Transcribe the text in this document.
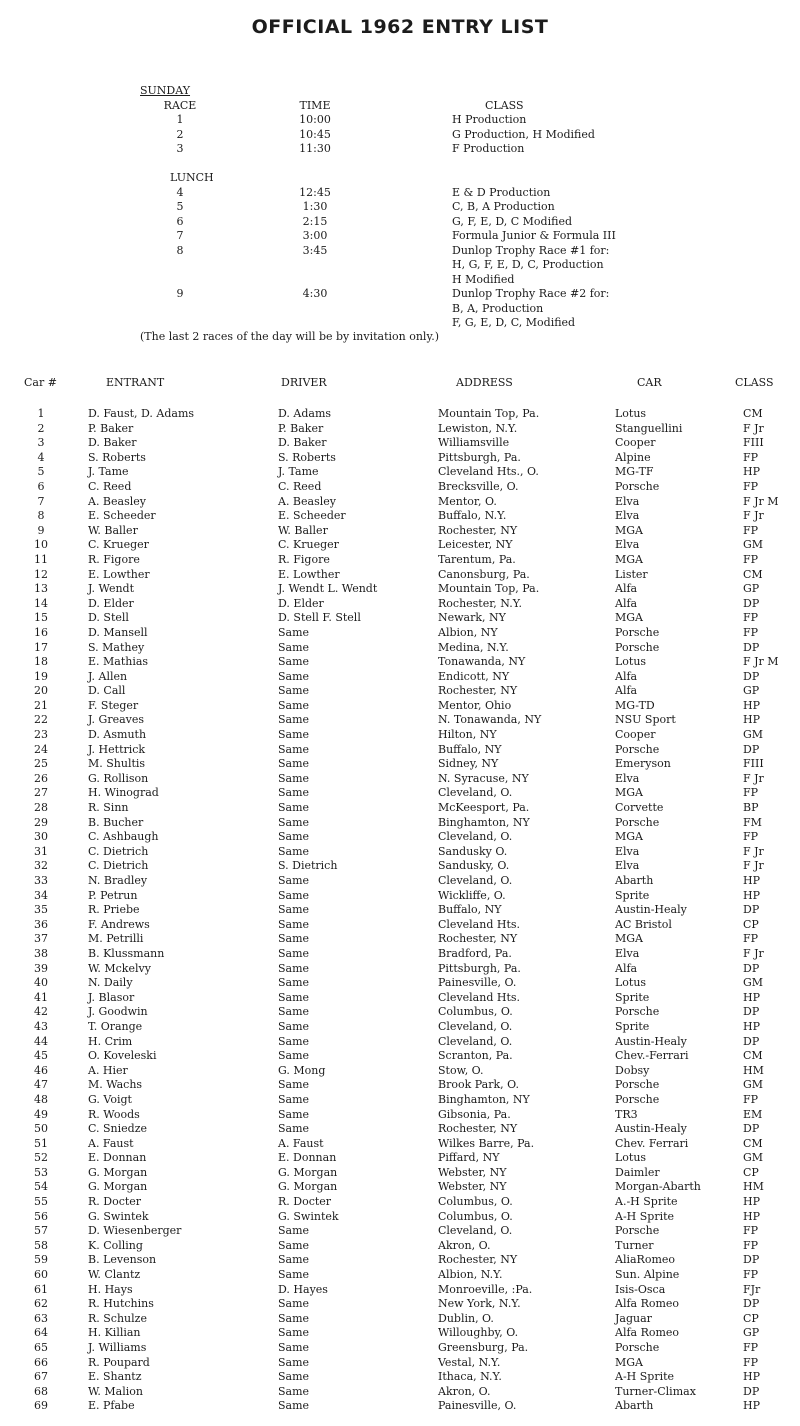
OFFICIAL 1962 ENTRY LIST
SUNDAY
RACE	TIME	CLASS
1	10:00	H Production
2	10:45	G Production, H Modified
3	11:30	F Production
LUNCH
4	12:45	E & D Production
5	1:30	C, B, A Production
6	2:15	G, F, E, D, C Modified
7	3:00	Formula Junior & Formula III
8	3:45	Dunlop Trophy Race #1 for:
H, G, F, E, D, C, Production
H Modified
9	4:30	Dunlop Trophy Race #2 for:
B, A, Production
F, G, E, D, C, Modified
(The last 2 races of the day will be by invitation only.)
Car #	ENTRANT	DRIVER	ADDRESS	CAR	CLASS
1	D. Faust, D. Adams	D. Adams	Mountain Top, Pa.	Lotus	CM
2	P. Baker	P. Baker	Lewiston, N.Y.	Stanguellini	F Jr
3	D. Baker	D. Baker	Williamsville	Cooper	FIII
4	S. Roberts	S. Roberts	Pittsburgh, Pa.	Alpine	FP
5	J. Tame	J. Tame	Cleveland Hts., O.	MG-TF	HP
6	C. Reed	C. Reed	Brecksville, O.	Porsche	FP
7	A. Beasley	A. Beasley	Mentor, O.	Elva	F Jr M
8	E. Scheeder	E. Scheeder	Buffalo, N.Y.	Elva	F Jr
9	W. Baller	W. Baller	Rochester, NY	MGA	FP
10	C. Krueger	C. Krueger	Leicester, NY	Elva	GM
11	R. Figore	R. Figore	Tarentum, Pa.	MGA	FP
12	E. Lowther	E. Lowther	Canonsburg, Pa.	Lister	CM
13	J. Wendt	J. Wendt L. Wendt	Mountain Top, Pa.	Alfa	GP
14	D. Elder	D. Elder	Rochester, N.Y.	Alfa	DP
15	D. Stell	D. Stell F. Stell	Newark, NY	MGA	FP
16	D. Mansell	Same	Albion, NY	Porsche	FP
17	S. Mathey	Same	Medina, N.Y.	Porsche	DP
18	E. Mathias	Same	Tonawanda, NY	Lotus	F Jr M
19	J. Allen	Same	Endicott, NY	Alfa	DP
20	D. Call	Same	Rochester, NY	Alfa	GP
21	F. Steger	Same	Mentor, Ohio	MG-TD	HP
22	J. Greaves	Same	N. Tonawanda, NY	NSU Sport	HP
23	D. Asmuth	Same	Hilton, NY	Cooper	GM
24	J. Hettrick	Same	Buffalo, NY	Porsche	DP
25	M. Shultis	Same	Sidney, NY	Emeryson	FIII
26	G. Rollison	Same	N. Syracuse, NY	Elva	F Jr
27	H. Winograd	Same	Cleveland, O.	MGA	FP
28	R. Sinn	Same	McKeesport, Pa.	Corvette	BP
29	B. Bucher	Same	Binghamton, NY	Porsche	FM
30	C. Ashbaugh	Same	Cleveland, O.	MGA	FP
31	C. Dietrich	Same	Sandusky O.	Elva	F Jr
32	C. Dietrich	S. Dietrich	Sandusky, O.	Elva	F Jr
33	N. Bradley	Same	Cleveland, O.	Abarth	HP
34	P. Petrun	Same	Wickliffe, O.	Sprite	HP
35	R. Priebe	Same	Buffalo, NY	Austin-Healy	DP
36	F. Andrews	Same	Cleveland Hts.	AC Bristol	CP
37	M. Petrilli	Same	Rochester, NY	MGA	FP
38	B. Klussmann	Same	Bradford, Pa.	Elva	F Jr
39	W. Mckelvy	Same	Pittsburgh, Pa.	Alfa	DP
40	N. Daily	Same	Painesville, O.	Lotus	GM
41	J. Blasor	Same	Cleveland Hts.	Sprite	HP
42	J. Goodwin	Same	Columbus, O.	Porsche	DP
43	T. Orange	Same	Cleveland, O.	Sprite	HP
44	H. Crim	Same	Cleveland, O.	Austin-Healy	DP
45	O. Koveleski	Same	Scranton, Pa.	Chev.-Ferrari	CM
46	A. Hier	G. Mong	Stow, O.	Dobsy	HM
47	M. Wachs	Same	Brook Park, O.	Porsche	GM
48	G. Voigt	Same	Binghamton, NY	Porsche	FP
49	R. Woods	Same	Gibsonia, Pa.	TR3	EM
50	C. Sniedze	Same	Rochester, NY	Austin-Healy	DP
51	A. Faust	A. Faust	Wilkes Barre, Pa.	Chev. Ferrari	CM
52	E. Donnan	E. Donnan	Piffard, NY	Lotus	GM
53	G. Morgan	G. Morgan	Webster, NY	Daimler	CP
54	G. Morgan	G. Morgan	Webster, NY	Morgan-Abarth	HM
55	R. Docter	R. Docter	Columbus, O.	A.-H Sprite	HP
56	G. Swintek	G. Swintek	Columbus, O.	A-H Sprite	HP
57	D. Wiesenberger	Same	Cleveland, O.	Porsche	FP
58	K. Colling	Same	Akron, O.	Turner	FP
59	B. Levenson	Same	Rochester, NY	AliaRomeo	DP
60	W. Clantz	Same	Albion, N.Y.	Sun. Alpine	FP
61	H. Hays	D. Hayes	Monroeville, :Pa.	Isis-Osca	FJr
62	R. Hutchins	Same	New York, N.Y.	Alfa Romeo	DP
63	R. Schulze	Same	Dublin, O.	Jaguar	CP
64	H. Killian	Same	Willoughby, O.	Alfa Romeo	GP
65	J. Williams	Same	Greensburg, Pa.	Porsche	FP
66	R. Poupard	Same	Vestal, N.Y.	MGA	FP
67	E. Shantz	Same	Ithaca, N.Y.	A-H Sprite	HP
68	W. Malion	Same	Akron, O.	Turner-Climax	DP
69	E. Pfabe	Same	Painesville, O.	Abarth	HP
